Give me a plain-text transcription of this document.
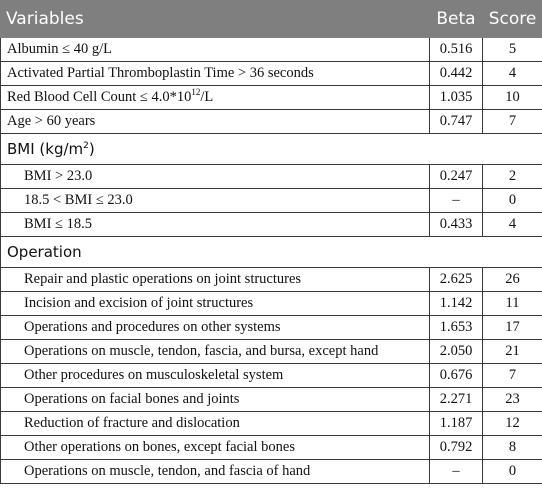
Variables	Beta	Score
Albumin ≤ 40 g/L	0.516	5
Activated Partial Thromboplastin Time > 36 seconds	0.442	4
Red Blood Cell Count ≤ $4.0*10^{12}/L$	1.035	10
Age > 60 years	0.747	7
BMI $(kg/m^2)$		
BMI > 23.0	0.247	2
18.5 < BMI ≤ 23.0	–	0
BMI ≤ 18.5	0.433	4
Operation		
Repair and plastic operations on joint structures	2.625	26
Incision and excision of joint structures	1.142	11
Operations and procedures on other systems	1.653	17
Operations on muscle, tendon, fascia, and bursa, except hand	2.050	21
Other procedures on musculoskeletal system	0.676	7
Operations on facial bones and joints	2.271	23
Reduction of fracture and dislocation	1.187	12
Other operations on bones, except facial bones	0.792	8
Operations on muscle, tendon, and fascia of hand	–	0
